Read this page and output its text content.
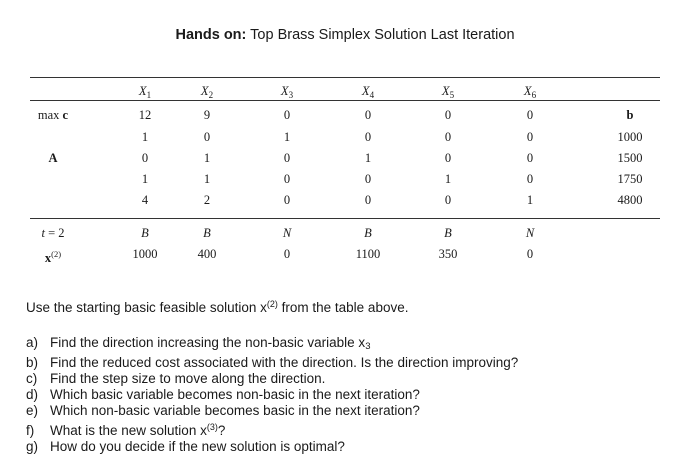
Hands on: Top Brass Simplex Solution Last Iteration
$X_1$	$X_2$	$X_3$	$X_4$	$X_5$	$X_6$
max c	12	9	0	0	0	0	b
A
1	0	1	0	0	0	1000
0	1	0	1	0	0	1500
1	1	0	0	1	0	1750
4	2	0	0	0	1	4800
t = 2	B	B	N	B	B	N
$x^{(2)}$	1000	400	0	1100	350	0
Use the starting basic feasible solution $x^{(2)}$ from the table above.
a) Find the direction increasing the non-basic variable $x_3$
b) Find the reduced cost associated with the direction. Is the direction improving?
c) Find the step size to move along the direction.
d) Which basic variable becomes non-basic in the next iteration?
e) Which non-basic variable becomes basic in the next iteration?
f) What is the new solution $x^{(3)}$?
g) How do you decide if the new solution is optimal?
